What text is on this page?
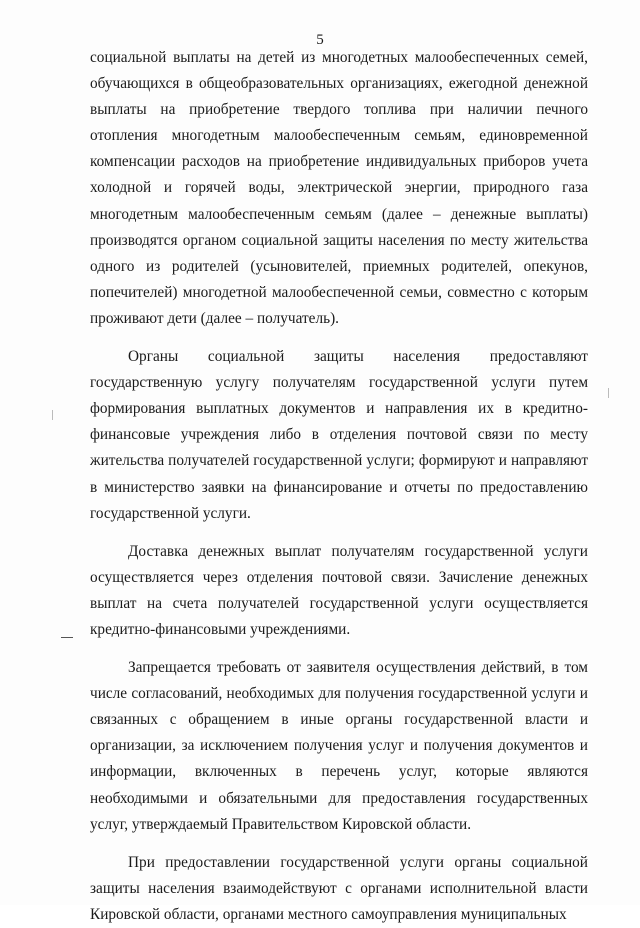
5

социальной выплаты на детей из многодетных малообеспеченных семей, обучающихся в общеобразовательных организациях, ежегодной денежной выплаты на приобретение твердого топлива при наличии печного отопления многодетным малообеспеченным семьям, единовременной компенсации расходов на приобретение индивидуальных приборов учета холодной и горячей воды, электрической энергии, природного газа многодетным малообеспеченным семьям (далее – денежные выплаты) производятся органом социальной защиты населения по месту жительства одного из родителей (усыновителей, приемных родителей, опекунов, попечителей) многодетной малообеспеченной семьи, совместно с которым проживают дети (далее – получатель).

Органы социальной защиты населения предоставляют государственную услугу получателям государственной услуги путем формирования выплатных документов и направления их в кредитно-финансовые учреждения либо в отделения почтовой связи по месту жительства получателей государственной услуги; формируют и направляют в министерство заявки на финансирование и отчеты по предоставлению государственной услуги.

Доставка денежных выплат получателям государственной услуги осуществляется через отделения почтовой связи. Зачисление денежных выплат на счета получателей государственной услуги осуществляется кредитно-финансовыми учреждениями.

Запрещается требовать от заявителя осуществления действий, в том числе согласований, необходимых для получения государственной услуги и связанных с обращением в иные органы государственной власти и организации, за исключением получения услуг и получения документов и информации, включенных в перечень услуг, которые являются необходимыми и обязательными для предоставления государственных услуг, утверждаемый Правительством Кировской области.

При предоставлении государственной услуги органы социальной защиты населения взаимодействуют с органами исполнительной власти Кировской области, органами местного самоуправления муниципальных
